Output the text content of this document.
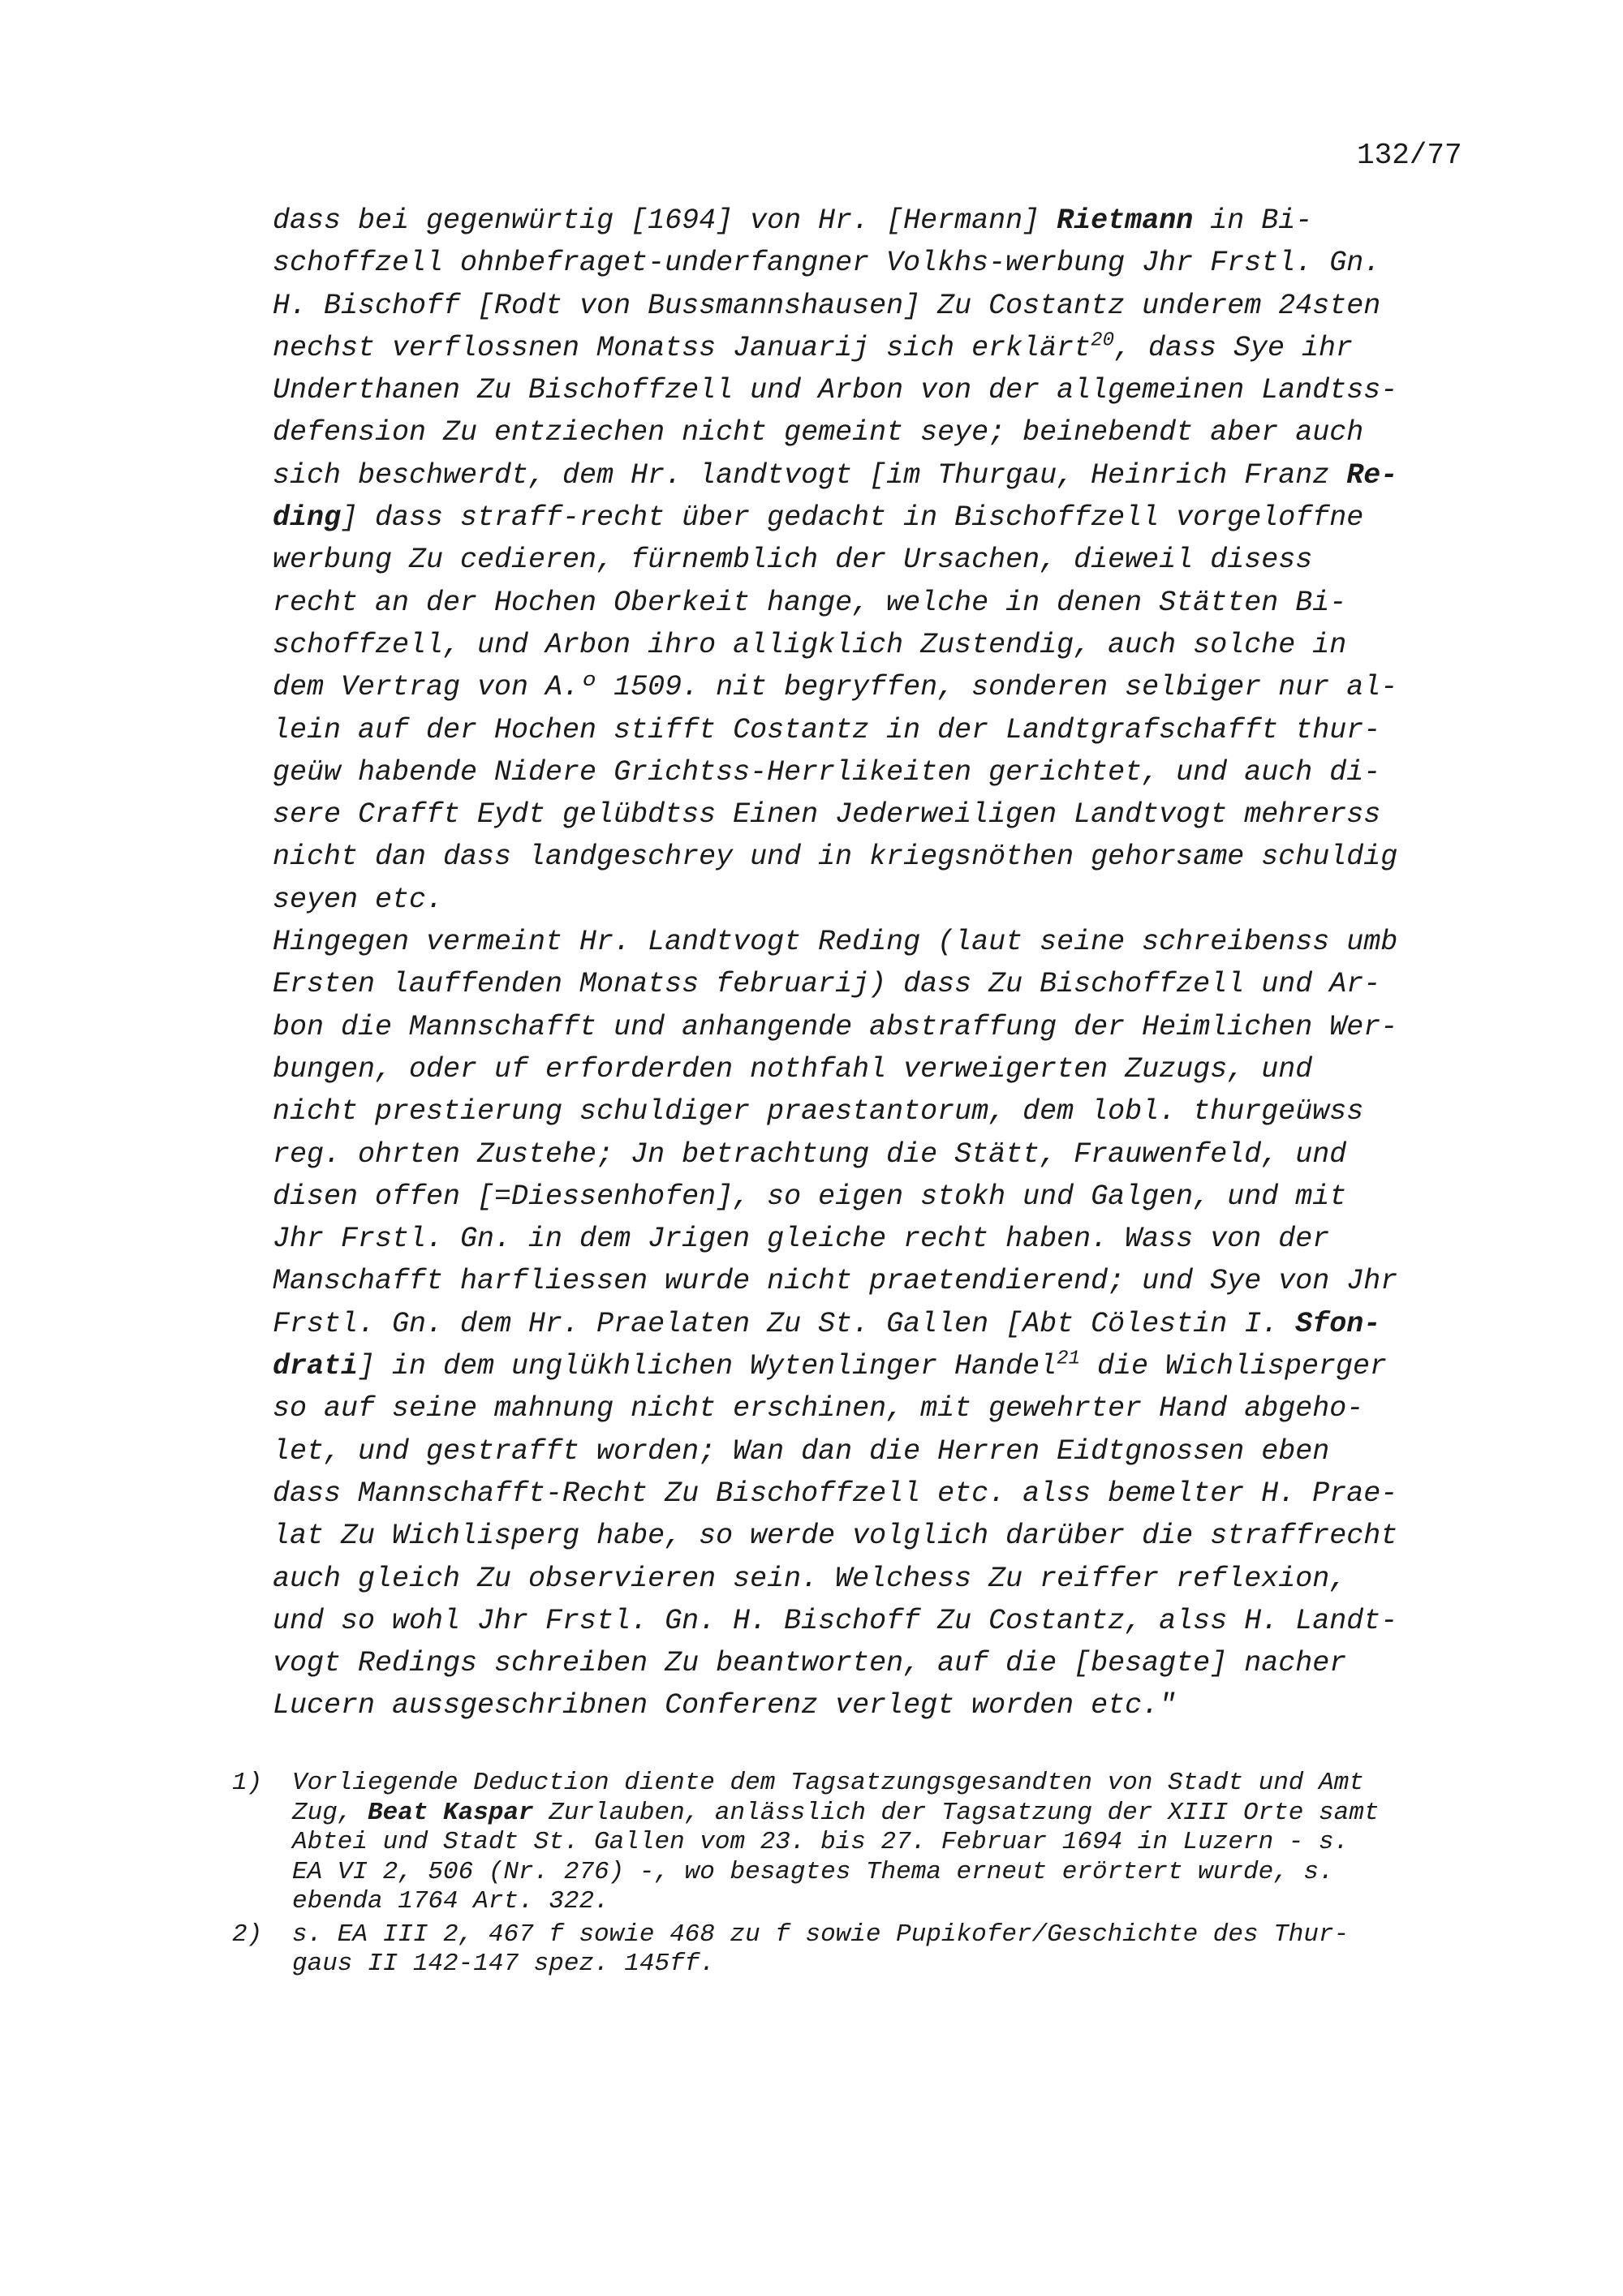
132/77
dass bei gegenwürtig [1694] von Hr. [Hermann] Rietmann in Bi-
schoffzell ohnbefraget-underfangner Volkhs-werbung Jhr Frstl. Gn.
H. Bischoff [Rodt von Bussmannshausen] Zu Costantz underem 24sten
nechst verflossnen Monatss Januarij sich erklärt$^{20}$, dass Sye ihr
Underthanen Zu Bischoffzell und Arbon von der allgemeinen Landtss-
defension Zu entziechen nicht gemeint seye; beinebendt aber auch
sich beschwerdt, dem Hr. landtvogt [im Thurgau, Heinrich Franz Re-
ding] dass straff-recht über gedacht in Bischoffzell vorgeloffne
werbung Zu cedieren, fürnemblich der Ursachen, dieweil disess
recht an der Hochen Oberkeit hange, welche in denen Stätten Bi-
schoffzell, und Arbon ihro alligklich Zustendig, auch solche in
dem Vertrag von A.º 1509. nit begryffen, sonderen selbiger nur al-
lein auf der Hochen stifft Costantz in der Landtgrafschafft thur-
geüw habende Nidere Grichtss-Herrlikeiten gerichtet, und auch di-
sere Crafft Eydt gelübdtss Einen Jederweiligen Landtvogt mehrerss
nicht dan dass landgeschrey und in kriegsnöthen gehorsame schuldig
seyen etc.
Hingegen vermeint Hr. Landtvogt Reding (laut seine schreibenss umb
Ersten lauffenden Monatss februarij) dass Zu Bischoffzell und Ar-
bon die Mannschafft und anhangende abstraffung der Heimlichen Wer-
bungen, oder uf erforderden nothfahl verweigerten Zuzugs, und
nicht prestierung schuldiger praestantorum, dem lobl. thurgeüwss
reg. ohrten Zustehe; Jn betrachtung die Stätt, Frauwenfeld, und
disen offen [=Diessenhofen], so eigen stokh und Galgen, und mit
Jhr Frstl. Gn. in dem Jrigen gleiche recht haben. Wass von der
Manschafft harfliessen wurde nicht praetendierend; und Sye von Jhr
Frstl. Gn. dem Hr. Praelaten Zu St. Gallen [Abt Cölestin I. Sfon-
drati] in dem unglükhlichen Wytenlinger Handel$^{21}$ die Wichlisperger
so auf seine mahnung nicht erschinen, mit gewehrter Hand abgeho-
let, und gestrafft worden; Wan dan die Herren Eidtgnossen eben
dass Mannschafft-Recht Zu Bischoffzell etc. alss bemelter H. Prae-
lat Zu Wichlisperg habe, so werde volglich darüber die straffrecht
auch gleich Zu observieren sein. Welchess Zu reiffer reflexion,
und so wohl Jhr Frstl. Gn. H. Bischoff Zu Costantz, alss H. Landt-
vogt Redings schreiben Zu beantworten, auf die [besagte] nacher
Lucern aussgeschribnen Conferenz verlegt worden etc."
1) Vorliegende Deduction diente dem Tagsatzungsgesandten von Stadt und Amt
Zug, Beat Kaspar Zurlauben, anlässlich der Tagsatzung der XIII Orte samt
Abtei und Stadt St. Gallen vom 23. bis 27. Februar 1694 in Luzern - s.
EA VI 2, 506 (Nr. 276) -, wo besagtes Thema erneut erörtert wurde, s.
ebenda 1764 Art. 322.
2) s. EA III 2, 467 f sowie 468 zu f sowie Pupikofer/Geschichte des Thur-
gaus II 142-147 spez. 145ff.
